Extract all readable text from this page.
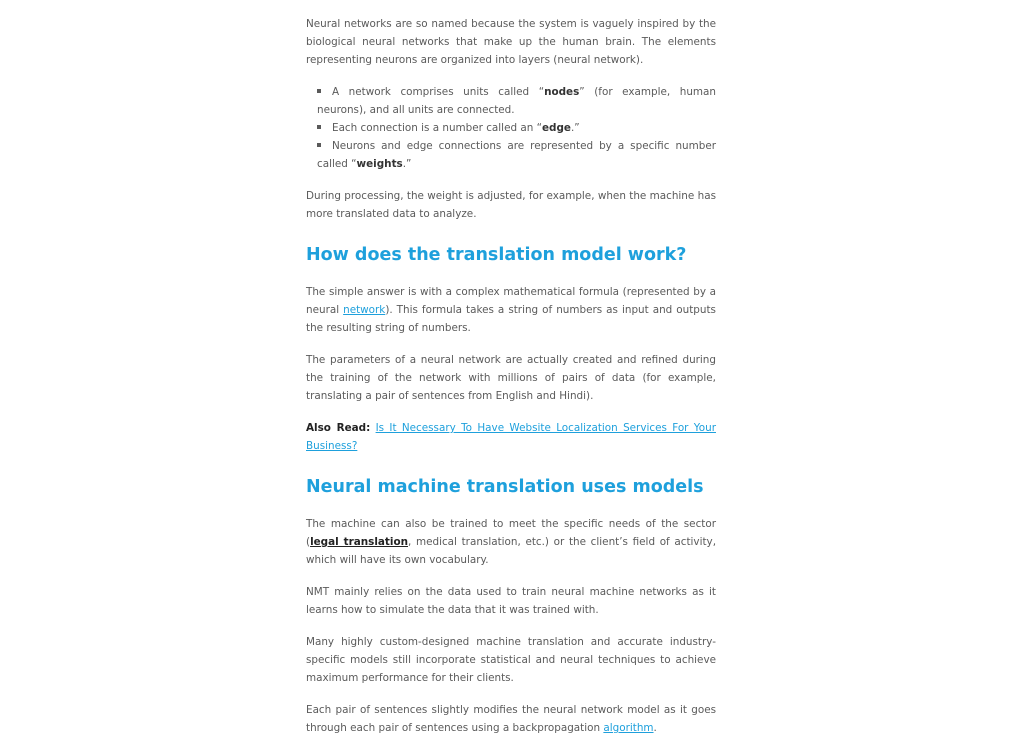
Neural networks are so named because the system is vaguely inspired by the biological neural networks that make up the human brain. The elements representing neurons are organized into layers (neural network).

A network comprises units called “nodes” (for example, human neurons), and all units are connected.
Each connection is a number called an “edge.”
Neurons and edge connections are represented by a specific number called “weights.”

During processing, the weight is adjusted, for example, when the machine has more translated data to analyze.

How does the translation model work?

The simple answer is with a complex mathematical formula (represented by a neural network). This formula takes a string of numbers as input and outputs the resulting string of numbers.

The parameters of a neural network are actually created and refined during the training of the network with millions of pairs of data (for example, translating a pair of sentences from English and Hindi).

Also Read: Is It Necessary To Have Website Localization Services For Your Business?

Neural machine translation uses models

The machine can also be trained to meet the specific needs of the sector (legal translation, medical translation, etc.) or the client’s field of activity, which will have its own vocabulary.

NMT mainly relies on the data used to train neural machine networks as it learns how to simulate the data that it was trained with.

Many highly custom-designed machine translation and accurate industry-specific models still incorporate statistical and neural techniques to achieve maximum performance for their clients.

Each pair of sentences slightly modifies the neural network model as it goes through each pair of sentences using a backpropagation algorithm.
